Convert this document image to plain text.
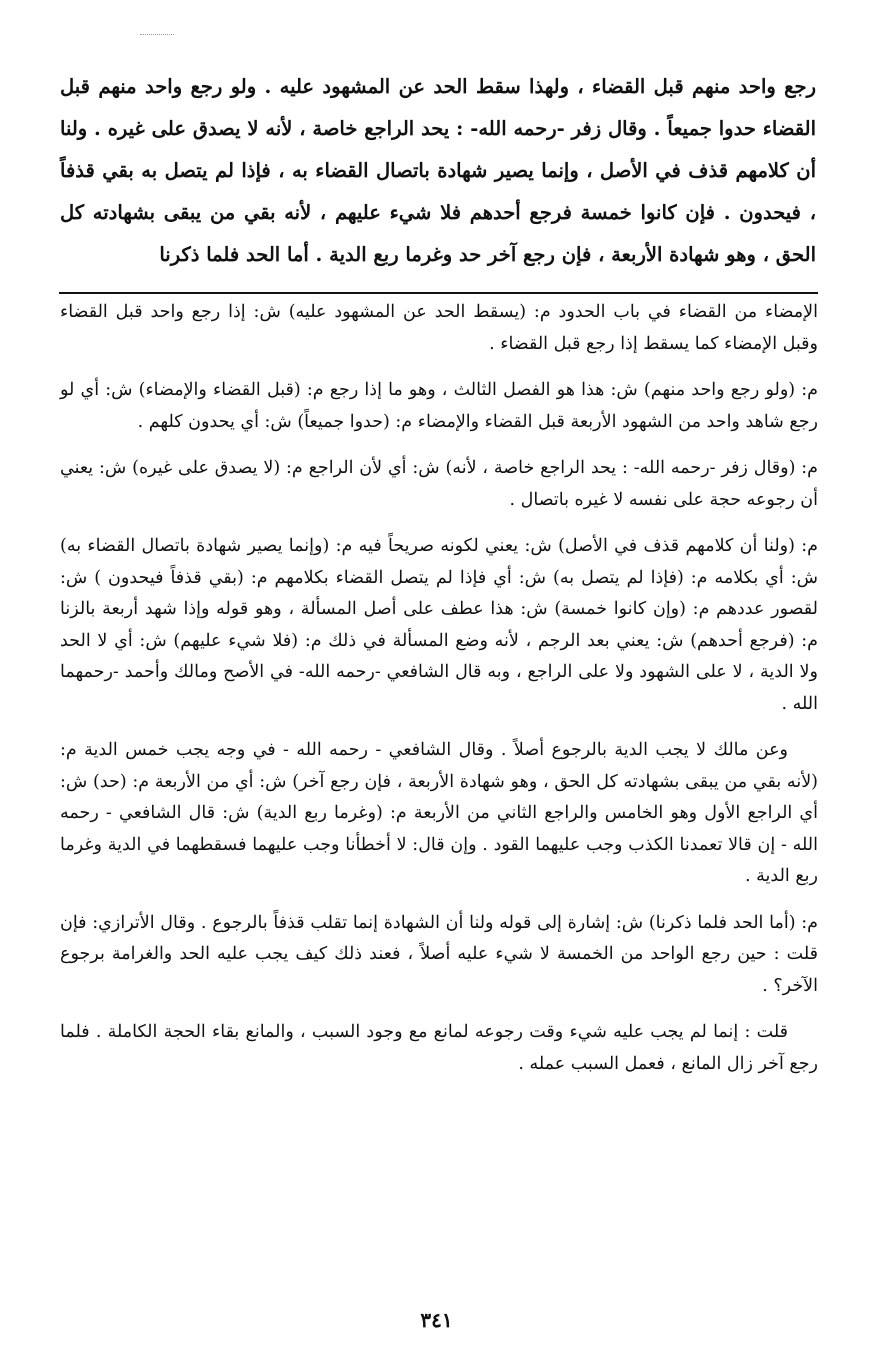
رجع واحد منهم قبل القضاء ، ولهذا سقط الحد عن المشهود عليه . ولو رجع واحد منهم قبل القضاء حدوا جميعاً . وقال زفر -رحمه الله- : يحد الراجع خاصة ، لأنه لا يصدق على غيره . ولنا أن كلامهم قذف في الأصل ، وإنما يصير شهادة باتصال القضاء به ، فإذا لم يتصل به بقي قذفاً ، فيحدون . فإن كانوا خمسة فرجع أحدهم فلا شيء عليهم ، لأنه بقي من يبقى بشهادته كل الحق ، وهو شهادة الأربعة ، فإن رجع آخر حد وغرما ربع الدية . أما الحد فلما ذكرنا

الإمضاء من القضاء في باب الحدود م: (يسقط الحد عن المشهود عليه) ش: إذا رجع واحد قبل القضاء وقبل الإمضاء كما يسقط إذا رجع قبل القضاء .

م: (ولو رجع واحد منهم) ش: هذا هو الفصل الثالث ، وهو ما إذا رجع م: (قبل القضاء والإمضاء) ش: أي لو رجع شاهد واحد من الشهود الأربعة قبل القضاء والإمضاء م: (حدوا جميعاً) ش: أي يحدون كلهم .

م: (وقال زفر -رحمه الله- : يحد الراجع خاصة ، لأنه) ش: أي لأن الراجع م: (لا يصدق على غيره) ش: يعني أن رجوعه حجة على نفسه لا غيره باتصال .

م: (ولنا أن كلامهم قذف في الأصل) ش: يعني لكونه صريحاً فيه م: (وإنما يصير شهادة باتصال القضاء به) ش: أي بكلامه م: (فإذا لم يتصل به) ش: أي فإذا لم يتصل القضاء بكلامهم م: (بقي قذفاً فيحدون ) ش: لقصور عددهم م: (وإن كانوا خمسة) ش: هذا عطف على أصل المسألة ، وهو قوله وإذا شهد أربعة بالزنا م: (فرجع أحدهم) ش: يعني بعد الرجم ، لأنه وضع المسألة في ذلك م: (فلا شيء عليهم) ش: أي لا الحد ولا الدية ، لا على الشهود ولا على الراجع ، وبه قال الشافعي -رحمه الله- في الأصح ومالك وأحمد -رحمهما الله .

وعن مالك لا يجب الدية بالرجوع أصلاً . وقال الشافعي - رحمه الله - في وجه يجب خمس الدية م: (لأنه بقي من يبقى بشهادته كل الحق ، وهو شهادة الأربعة ، فإن رجع آخر) ش: أي من الأربعة م: (حد) ش: أي الراجع الأول وهو الخامس والراجع الثاني من الأربعة م: (وغرما ربع الدية) ش: قال الشافعي - رحمه الله - إن قالا تعمدنا الكذب وجب عليهما القود . وإن قال: لا أخطأنا وجب عليهما فسقطهما في الدية وغرما ربع الدية .

م: (أما الحد فلما ذكرنا) ش: إشارة إلى قوله ولنا أن الشهادة إنما تقلب قذفاً بالرجوع . وقال الأترازي: فإن قلت : حين رجع الواحد من الخمسة لا شيء عليه أصلاً ، فعند ذلك كيف يجب عليه الحد والغرامة برجوع الآخر؟ .

قلت : إنما لم يجب عليه شيء وقت رجوعه لمانع مع وجود السبب ، والمانع بقاء الحجة الكاملة . فلما رجع آخر زال المانع ، فعمل السبب عمله .

٣٤١
